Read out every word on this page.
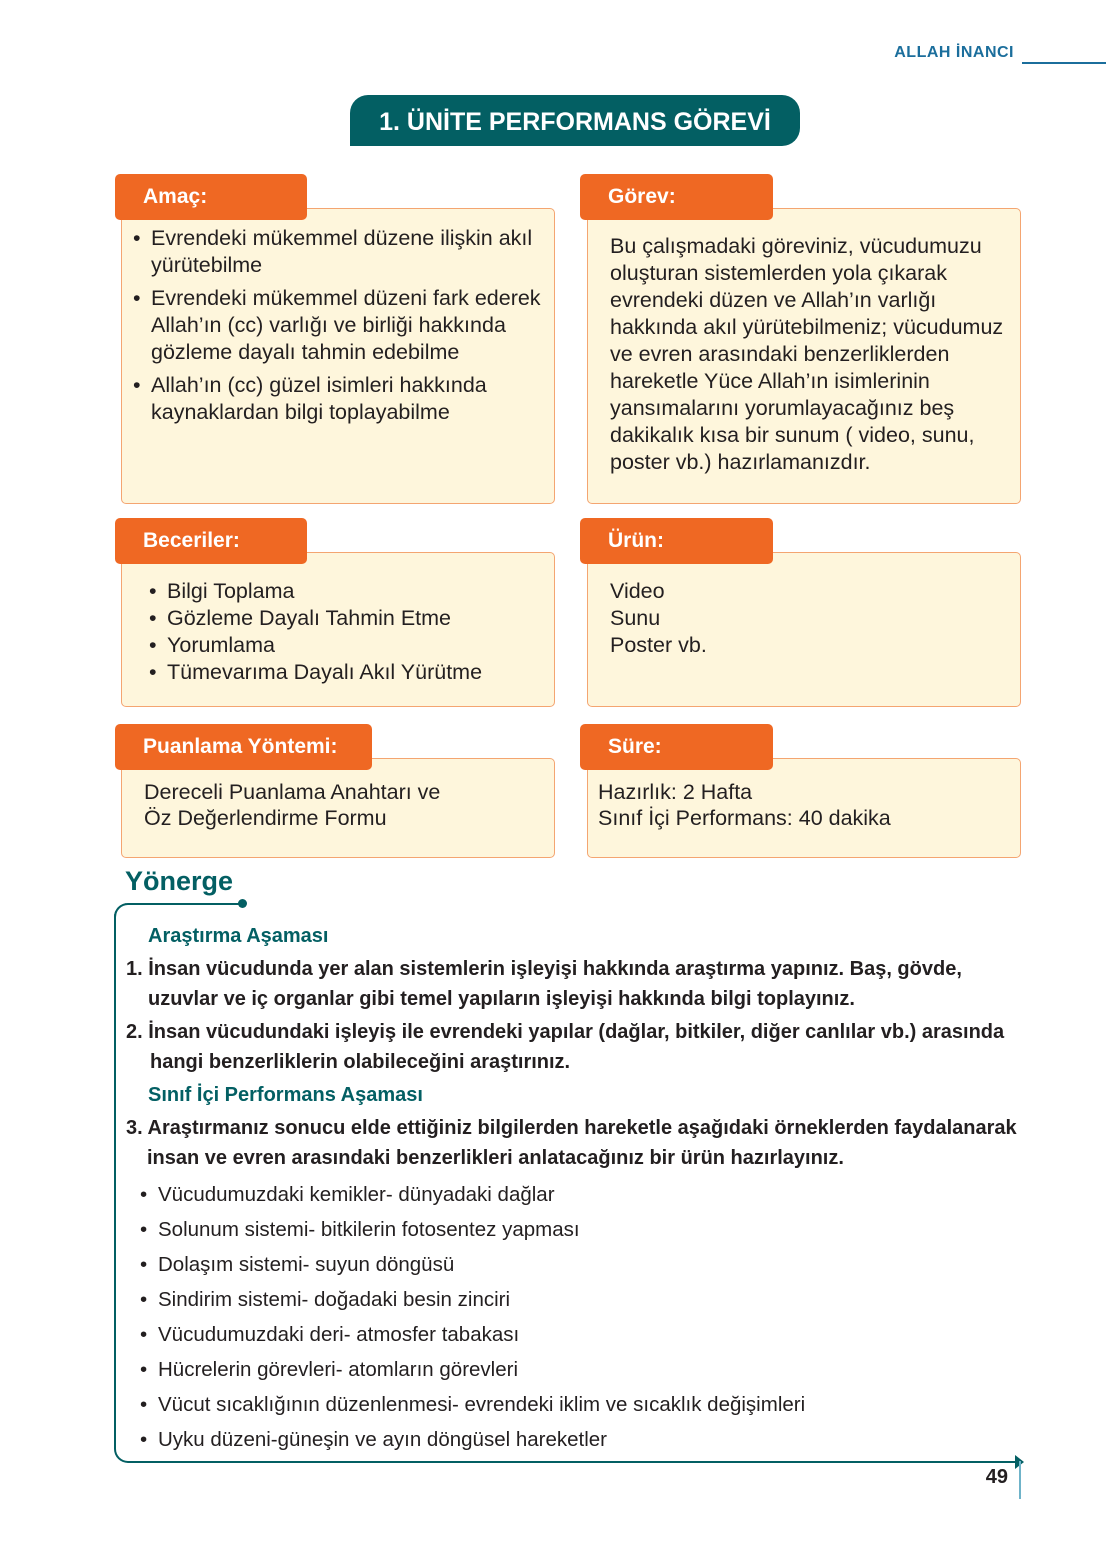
ALLAH İNANCI
1. ÜNİTE PERFORMANS GÖREVİ
• Evrendeki mükemmel düzene ilişkin akıl yürütebilme
• Evrendeki mükemmel düzeni fark ederek Allah’ın (cc) varlığı ve birliği hakkında gözleme dayalı tahmin edebilme
• Allah’ın (cc) güzel isimleri hakkında kaynaklardan bilgi toplayabilme
Amaç:
Bu çalışmadaki göreviniz, vücudumuzu oluşturan sistemlerden yola çıkarak evrendeki düzen ve Allah’ın varlığı hakkında akıl yürütebilmeniz; vücudumuz ve evren arasındaki benzerliklerden hareketle Yüce Allah’ın isimlerinin yansımalarını yorumlayacağınız beş dakikalık kısa bir sunum ( video, sunu, poster vb.) hazırlamanızdır.
Görev:
• Bilgi Toplama
• Gözleme Dayalı Tahmin Etme
• Yorumlama
• Tümevarıma Dayalı Akıl Yürütme
Beceriler:
Video
Sunu
Poster vb.
Ürün:
Dereceli Puanlama Anahtarı ve
Öz Değerlendirme Formu
Puanlama Yöntemi:
Hazırlık: 2 Hafta
Sınıf İçi Performans: 40 dakika
Süre:
Yönerge
Araştırma Aşaması
1. İnsan vücudunda yer alan sistemlerin işleyişi hakkında araştırma yapınız. Baş, gövde, uzuvlar ve iç organlar gibi temel yapıların işleyişi hakkında bilgi toplayınız.
2. İnsan vücudundaki işleyiş ile evrendeki yapılar (dağlar, bitkiler, diğer canlılar vb.) arasında hangi benzerliklerin olabileceğini araştırınız.
Sınıf İçi Performans Aşaması
3. Araştırmanız sonucu elde ettiğiniz bilgilerden hareketle aşağıdaki örneklerden faydalanarak insan ve evren arasındaki benzerlikleri anlatacağınız bir ürün hazırlayınız.
• Vücudumuzdaki kemikler- dünyadaki dağlar
• Solunum sistemi- bitkilerin fotosentez yapması
• Dolaşım sistemi- suyun döngüsü
• Sindirim sistemi- doğadaki besin zinciri
• Vücudumuzdaki deri- atmosfer tabakası
• Hücrelerin görevleri- atomların görevleri
• Vücut sıcaklığının düzenlenmesi- evrendeki iklim ve sıcaklık değişimleri
• Uyku düzeni-güneşin ve ayın döngüsel hareketler
49
